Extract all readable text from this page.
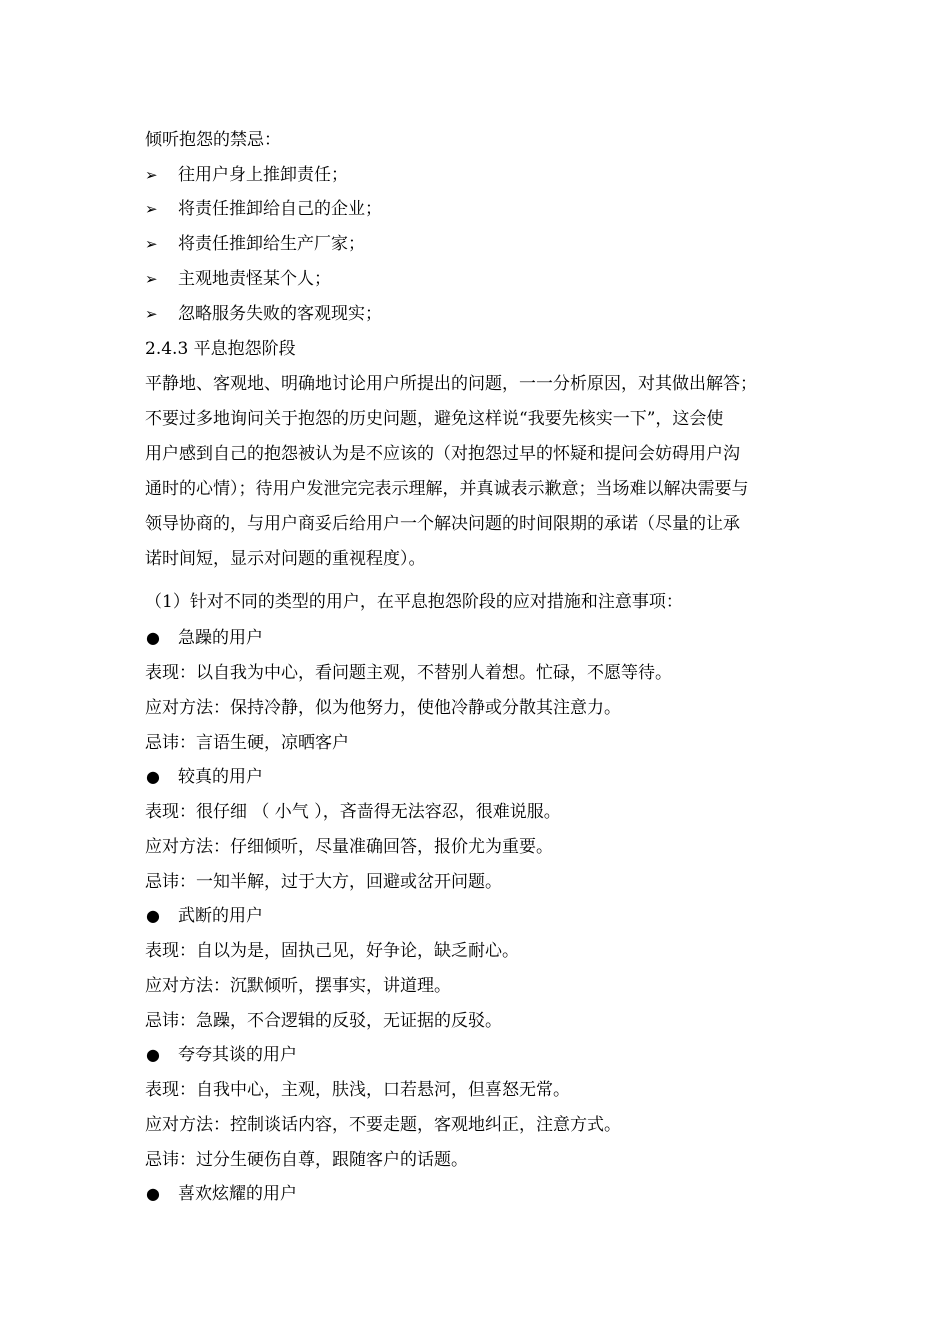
倾听抱怨的禁忌：
➢	往用户身上推卸责任；
➢	将责任推卸给自己的企业；
➢	将责任推卸给生产厂家；
➢	主观地责怪某个人；
➢	忽略服务失败的客观现实；
2.4.3 平息抱怨阶段
平静地、客观地、明确地讨论用户所提出的问题，一一分析原因，对其做出解答；
不要过多地询问关于抱怨的历史问题，避免这样说“我要先核实一下”，这会使
用户感到自己的抱怨被认为是不应该的（对抱怨过早的怀疑和提问会妨碍用户沟
通时的心情）；待用户发泄完完表示理解，并真诚表示歉意；当场难以解决需要与
领导协商的，与用户商妥后给用户一个解决问题的时间限期的承诺（尽量的让承
诺时间短，显示对问题的重视程度）。
（1）针对不同的类型的用户，在平息抱怨阶段的应对措施和注意事项：
● 急躁的用户
表现：以自我为中心，看问题主观，不替别人着想。忙碌，不愿等待。
应对方法：保持冷静，似为他努力，使他冷静或分散其注意力。
忌讳：言语生硬，凉晒客户
● 较真的用户
表现：很仔细 （ 小气 ），吝啬得无法容忍，很难说服。
应对方法：仔细倾听，尽量准确回答，报价尤为重要。
忌讳：一知半解，过于大方，回避或岔开问题。
● 武断的用户
表现：自以为是，固执己见，好争论，缺乏耐心。
应对方法：沉默倾听，摆事实，讲道理。
忌讳：急躁，不合逻辑的反驳，无证据的反驳。
● 夸夸其谈的用户
表现：自我中心，主观，肤浅，口若悬河，但喜怒无常。
应对方法：控制谈话内容，不要走题，客观地纠正，注意方式。
忌讳：过分生硬伤自尊，跟随客户的话题。
● 喜欢炫耀的用户
